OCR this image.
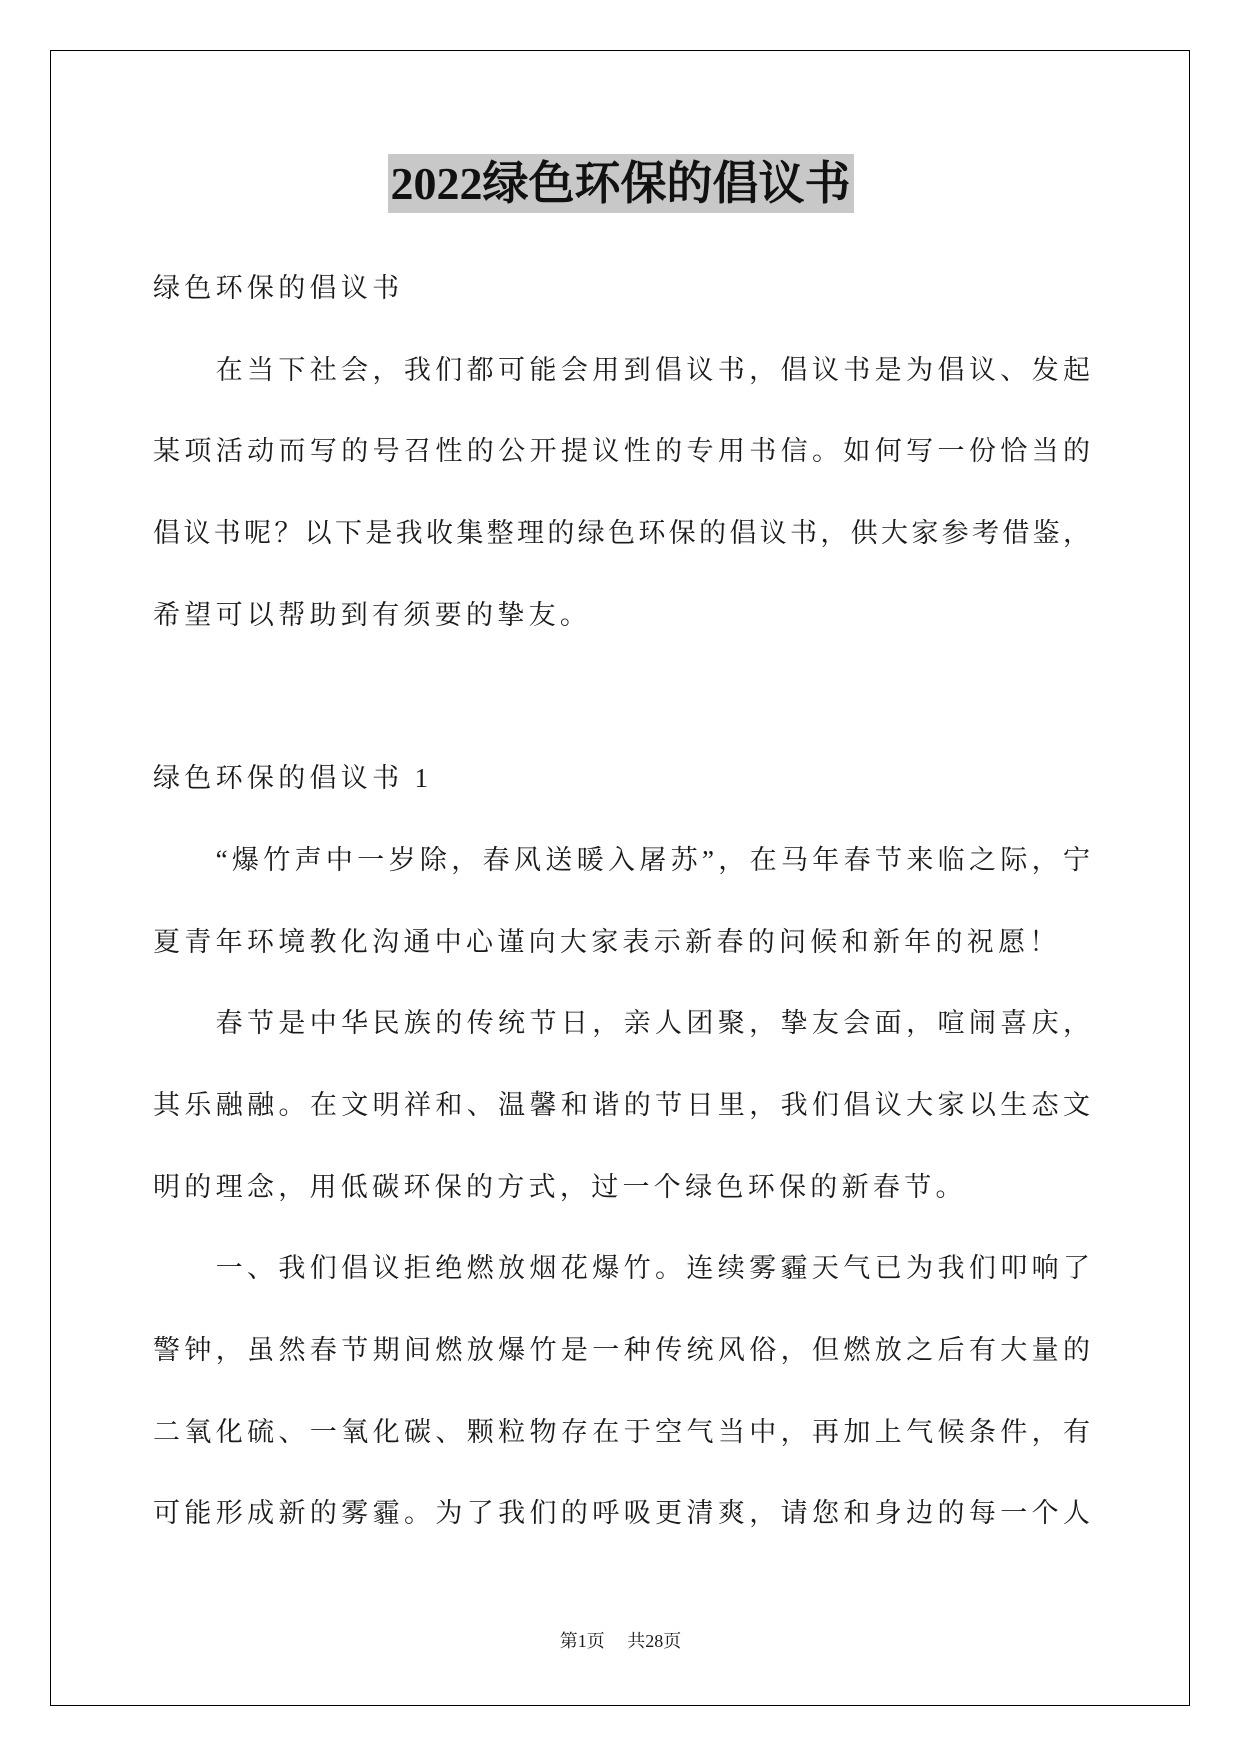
2022绿色环保的倡议书
绿色环保的倡议书
在当下社会，我们都可能会用到倡议书，倡议书是为倡议、发起
某项活动而写的号召性的公开提议性的专用书信。如何写一份恰当的
倡议书呢？以下是我收集整理的绿色环保的倡议书，供大家参考借鉴，
希望可以帮助到有须要的挚友。
绿色环保的倡议书 1
“爆竹声中一岁除，春风送暖入屠苏”，在马年春节来临之际，宁
夏青年环境教化沟通中心谨向大家表示新春的问候和新年的祝愿！
春节是中华民族的传统节日，亲人团聚，挚友会面，喧闹喜庆，
其乐融融。在文明祥和、温馨和谐的节日里，我们倡议大家以生态文
明的理念，用低碳环保的方式，过一个绿色环保的新春节。
一、我们倡议拒绝燃放烟花爆竹。连续雾霾天气已为我们叩响了
警钟，虽然春节期间燃放爆竹是一种传统风俗，但燃放之后有大量的
二氧化硫、一氧化碳、颗粒物存在于空气当中，再加上气候条件，有
可能形成新的雾霾。为了我们的呼吸更清爽，请您和身边的每一个人
第1页 共28页
